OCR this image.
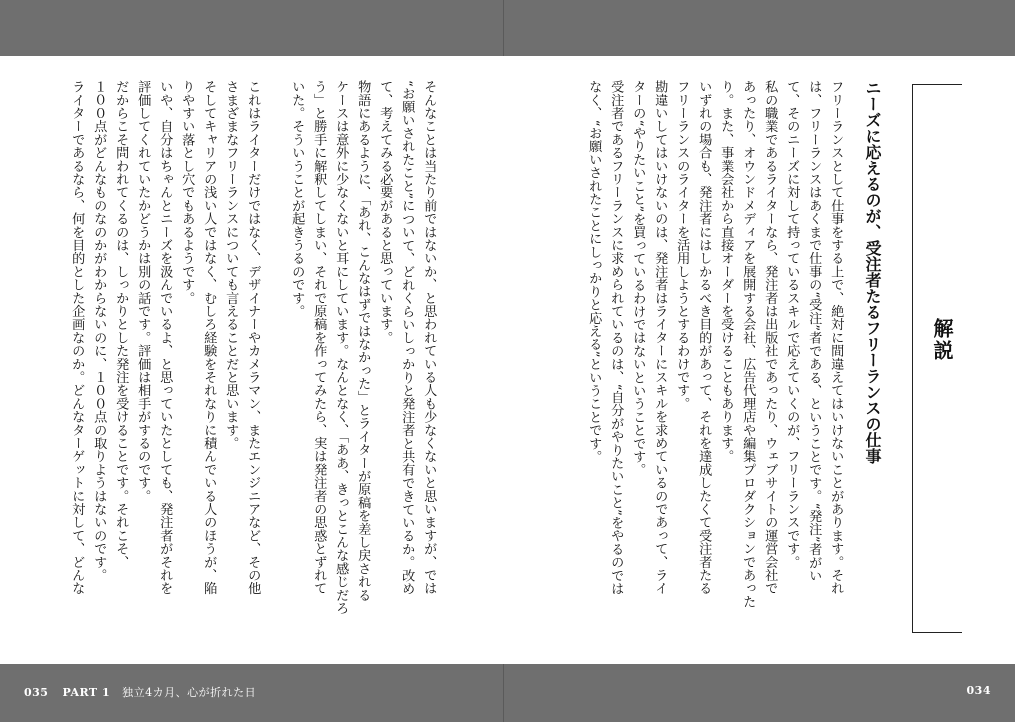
解説
ニーズに応えるのが、受注者たるフリーランスの仕事
フリーランスとして仕事をする上で、絶対に間違えてはいけないことがあります。それ
は、フリーランスはあくまで仕事の“受注”者である、ということです。“発注”者がい
て、そのニーズに対して持っているスキルで応えていくのが、フリーランスです。
私の職業であるライターなら、発注者は出版社であったり、ウェブサイトの運営会社で
あったり、オウンドメディアを展開する会社、広告代理店や編集プロダクションであった
り。また、事業会社から直接オーダーを受けることもあります。
いずれの場合も、発注者にはしかるべき目的があって、それを達成したくて受注者たる
フリーランスのライターを活用しようとするわけです。
勘違いしてはいけないのは、発注者はライターにスキルを求めているのであって、ライ
ターの“やりたいこと”を買っているわけではないということです。
受注者であるフリーランスに求められているのは、“自分がやりたいこと”をやるのでは
なく、“お願いされたことにしっかりと応える”ということです。
034
そんなことは当たり前ではないか、と思われている人も少なくないと思いますが、では
“お願いされたこと”について、どれくらいしっかりと発注者と共有できているか。改め
て、考えてみる必要があると思っています。
物語にあるように、「あれ、こんなはずではなかった」とライターが原稿を差し戻される
ケースは意外に少なくないと耳にしています。なんとなく、「ああ、きっとこんな感じだろ
う」と勝手に解釈してしまい、それで原稿を作ってみたら、実は発注者の思惑とずれて
いた。そういうことが起きうるのです。
これはライターだけではなく、デザイナーやカメラマン、またエンジニアなど、その他
さまざまなフリーランスについても言えることだと思います。
そしてキャリアの浅い人ではなく、むしろ経験をそれなりに積んでいる人のほうが、陥
りやすい落とし穴でもあるようです。
いや、自分はちゃんとニーズを汲んでいるよ、と思っていたとしても、発注者がそれを
評価してくれていたかどうかは別の話です。評価は相手がするのです。
だからこそ問われてくるのは、しっかりとした発注を受けることです。それこそ、
１００点がどんなものなのかがわからないのに、１００点の取りようはないのです。
ライターであるなら、何を目的とした企画なのか。どんなターゲットに対して、どんな
035 PART 1 独立4カ月、心が折れた日
